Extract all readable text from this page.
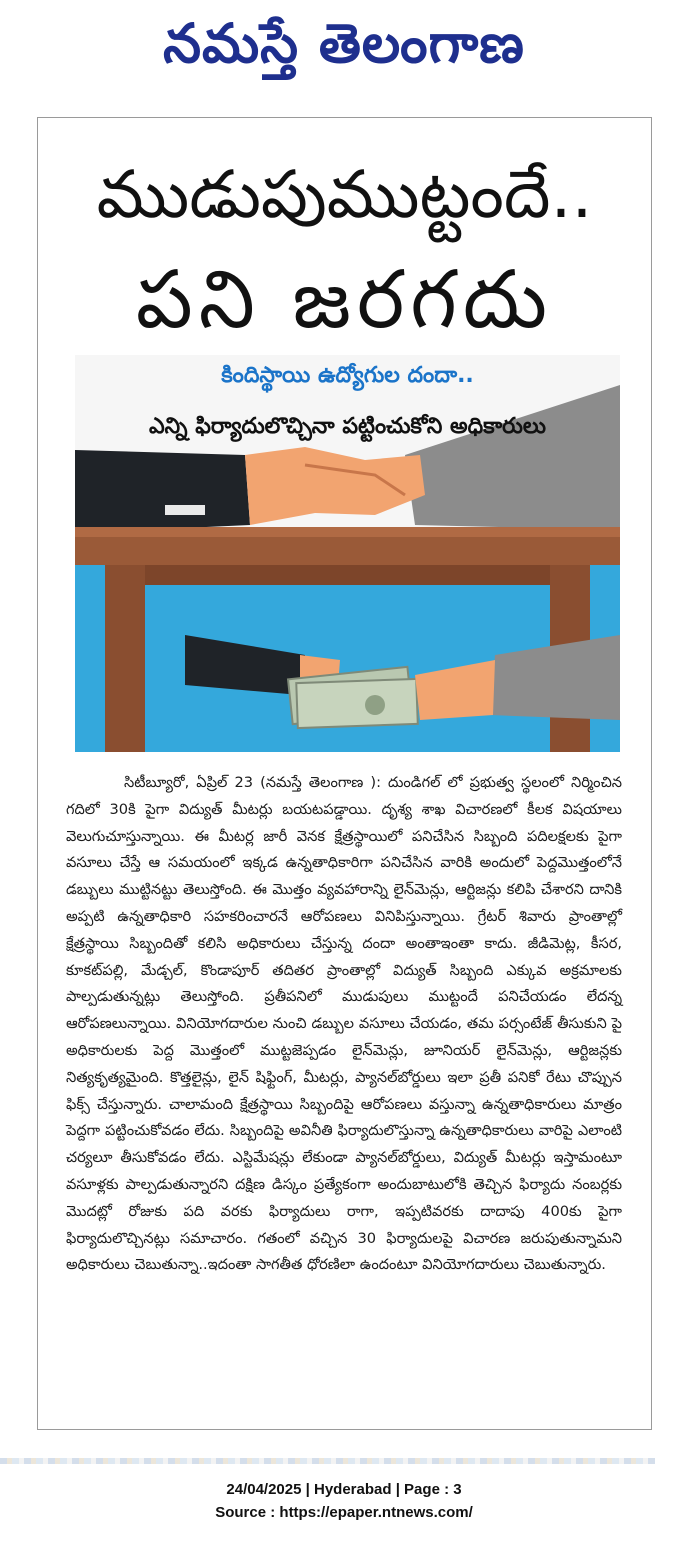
నమస్తే తెలంగాణ
ముడుపుముట్టందే..
పని జరగదు
కిందిస్థాయి ఉద్యోగుల దందా..
ఎన్ని ఫిర్యాదులొచ్చినా పట్టించుకోని అధికారులు

సిటీబ్యూరో, ఏప్రిల్ 23 (నమస్తే తెలంగాణ ): దుండిగల్ లో ప్రభుత్వ స్థలంలో నిర్మించిన గదిలో 30కి పైగా విద్యుత్ మీటర్లు బయటపడ్డాయి. దృశ్య శాఖ విచారణలో కీలక విషయాలు వెలుగుచూస్తున్నాయి. ఈ మీటర్ల జారీ వెనక క్షేత్రస్థాయిలో పనిచేసిన సిబ్బంది పదిలక్షలకు పైగా వసూలు చేస్తే ఆ సమయంలో ఇక్కడ ఉన్నతాధికారిగా పనిచేసిన వారికి అందులో పెద్దమొత్తంలోనే డబ్బులు ముట్టినట్టు తెలుస్తోంది. ఈ మొత్తం వ్యవహారాన్ని లైన్‌మెన్లు, ఆర్టిజన్లు కలిపి చేశారని దానికి అప్పటి ఉన్నతాధికారి సహకరించారనే ఆరోపణలు వినిపిస్తున్నాయి. గ్రేటర్ శివారు ప్రాంతాల్లో క్షేత్రస్థాయి సిబ్బందితో కలిసి అధికారులు చేస్తున్న దందా అంతాఇంతా కాదు. జీడిమెట్ల, కీసర, కూకట్‌పల్లి, మేడ్చల్, కొండాపూర్ తదితర ప్రాంతాల్లో విద్యుత్ సిబ్బంది ఎక్కువ అక్రమాలకు పాల్పడుతున్నట్లు తెలుస్తోంది. ప్రతీపనిలో ముడుపులు ముట్టందే పనిచేయడం లేదన్న ఆరోపణలున్నాయి. వినియోగదారుల నుంచి డబ్బుల వసూలు చేయడం, తమ పర్సంటేజ్ తీసుకుని పై అధికారులకు పెద్ద మొత్తంలో ముట్టజెప్పడం లైన్‌మెన్లు, జూనియర్ లైన్‌మెన్లు, ఆర్టిజన్లకు నిత్యకృత్యమైంది. కొత్తలైన్లు, లైన్ షిఫ్టింగ్, మీటర్లు, ప్యానల్‌బోర్డులు ఇలా ప్రతీ పనికో రేటు చొప్పున ఫిక్స్ చేస్తున్నారు. చాలామంది క్షేత్రస్థాయి సిబ్బందిపై ఆరోపణలు వస్తున్నా ఉన్నతాధికారులు మాత్రం పెద్దగా పట్టించుకోవడం లేదు. సిబ్బందిపై అవినీతి ఫిర్యాదులొస్తున్నా ఉన్నతాధికారులు వారిపై ఎలాంటి చర్యలూ తీసుకోవడం లేదు. ఎస్టిమేషన్లు లేకుండా ప్యానల్‌బోర్డులు, విద్యుత్ మీటర్లు ఇస్తామంటూ వసూళ్లకు పాల్పడుతున్నారని దక్షిణ డిస్కం ప్రత్యేకంగా అందుబాటులోకి తెచ్చిన ఫిర్యాదు నంబర్లకు మొదట్లో రోజుకు పది వరకు ఫిర్యాదులు రాగా, ఇప్పటివరకు దాదాపు 400కు పైగా ఫిర్యాదులొచ్చినట్లు సమాచారం. గతంలో వచ్చిన 30 ఫిర్యాదులపై విచారణ జరుపుతున్నామని అధికారులు చెబుతున్నా..ఇదంతా సాగతీత ధోరణిలా ఉందంటూ వినియోగదారులు చెబుతున్నారు.

24/04/2025 | Hyderabad | Page : 3
Source : https://epaper.ntnews.com/
